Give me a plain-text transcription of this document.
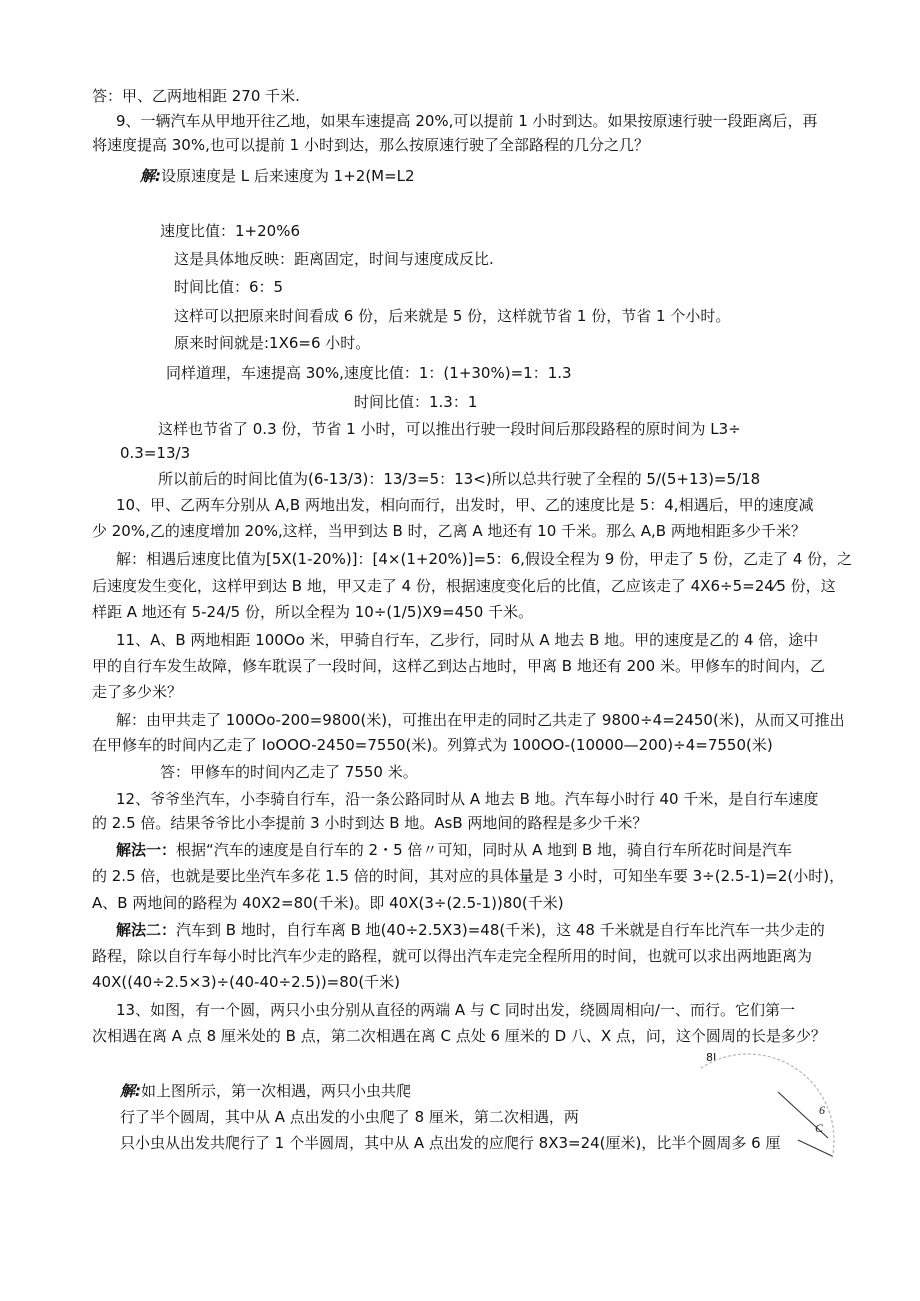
答：甲、乙两地相距 270 千米.
9、一辆汽车从甲地开往乙地，如果车速提高 20%,可以提前 1 小时到达。如果按原速行驶一段距离后，再
将速度提高 30%,也可以提前 1 小时到达，那么按原速行驶了全部路程的几分之几？
解:设原速度是 L 后来速度为 1+2(M=L2
速度比值：1+20%6
这是具体地反映：距离固定，时间与速度成反比.
时间比值：6：5
这样可以把原来时间看成 6 份，后来就是 5 份，这样就节省 1 份，节省 1 个小时。
原来时间就是:1X6=6 小时。
同样道理，车速提高 30%,速度比值：1：(1+30%)=1：1.3
时间比值：1.3：1
这样也节省了 0.3 份，节省 1 小时，可以推出行驶一段时间后那段路程的原时间为 L3÷
0.3=13/3
所以前后的时间比值为(6-13/3)：13/3=5：13<)所以总共行驶了全程的 5/(5+13)=5/18
10、甲、乙两车分别从 A,B 两地出发，相向而行，出发时，甲、乙的速度比是 5：4,相遇后，甲的速度减
少 20%,乙的速度增加 20%,这样，当甲到达 B 时，乙离 A 地还有 10 千米。那么 A,B 两地相距多少千米？
解：相遇后速度比值为[5X(1-20%)]：[4×(1+20%)]=5：6,假设全程为 9 份，甲走了 5 份，乙走了 4 份，之
后速度发生变化，这样甲到达 B 地，甲又走了 4 份，根据速度变化后的比值，乙应该走了 4X6÷5=24⁄5 份，这
样距 A 地还有 5-24/5 份，所以全程为 10÷(1/5)X9=450 千米。
11、A、B 两地相距 100Oo 米，甲骑自行车，乙步行，同时从 A 地去 B 地。甲的速度是乙的 4 倍，途中
甲的自行车发生故障，修车耽误了一段时间，这样乙到达占地时，甲离 B 地还有 200 米。甲修车的时间内，乙
走了多少米？
解：由甲共走了 100Oo-200=9800(米)，可推出在甲走的同时乙共走了 9800÷4=2450(米)，从而又可推出
在甲修车的时间内乙走了 IoOOO-2450=7550(米)。列算式为 100OO-(10000—200)÷4=7550(米)
答：甲修车的时间内乙走了 7550 米。
12、爷爷坐汽车，小李骑自行车，沿一条公路同时从 A 地去 B 地。汽车每小时行 40 千米，是自行车速度
的 2.5 倍。结果爷爷比小李提前 3 小时到达 B 地。AsB 两地间的路程是多少千米？
解法一：根据“汽车的速度是自行车的 2・5 倍〃可知，同时从 A 地到 B 地，骑自行车所花时间是汽车
的 2.5 倍，也就是要比坐汽车多花 1.5 倍的时间，其对应的具体量是 3 小时，可知坐车要 3÷(2.5-1)=2(小时)，
A、B 两地间的路程为 40X2=80(千米)。即 40X(3÷(2.5-1))80(千米)
解法二：汽车到 B 地时，自行车离 B 地(40÷2.5X3)=48(千米)，这 48 千米就是自行车比汽车一共少走的
路程，除以自行车每小时比汽车少走的路程，就可以得出汽车走完全程所用的时间，也就可以求出两地距离为
40X((40÷2.5×3)÷(40-40÷2.5))=80(千米)
13、如图，有一个圆，两只小虫分别从直径的两端 A 与 C 同时出发，绕圆周相向/一、而行。它们第一
次相遇在离 A 点 8 厘米处的 B 点，第二次相遇在离 C 点处 6 厘米的 D 八、X 点，问，这个圆周的长是多少？
8I
6
C
解:如上图所示，第一次相遇，两只小虫共爬
行了半个圆周，其中从 A 点出发的小虫爬了 8 厘米，第二次相遇，两
只小虫从出发共爬行了 1 个半圆周，其中从 A 点出发的应爬行 8X3=24(厘米)，比半个圆周多 6 厘
